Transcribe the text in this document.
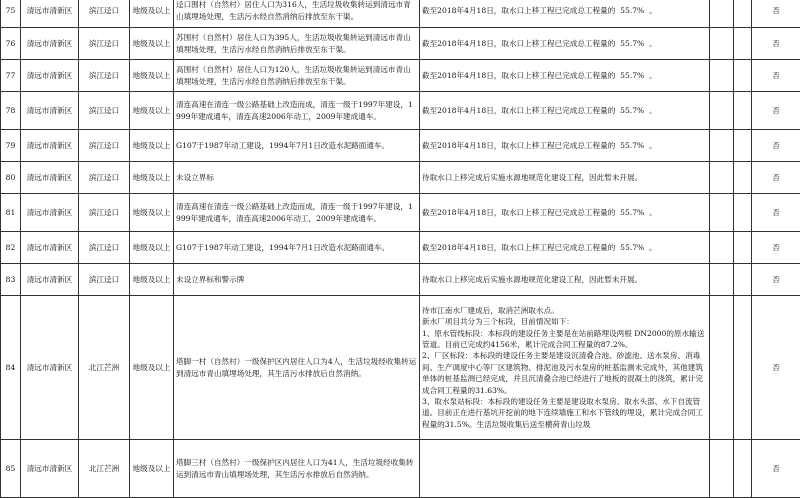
75	清远市清新区	滨江迳口	地级及以上	迳口围村（自然村）居住人口为316人，生活垃圾收集转运到清远市青山填埋场处理，生活污水经自然消纳后排放至东干渠。	截至2018年4月18日，取水口上移工程已完成总工程量的  55.7%  。			否
76	清远市清新区	滨江迳口	地级及以上	苏围村（自然村）居住人口为395人，生活垃圾收集转运到清远市青山填埋场处理，生活污水经自然消纳后排放至东干渠。	截至2018年4月18日，取水口上移工程已完成总工程量的  55.7%  。			否
77	清远市清新区	滨江迳口	地级及以上	高围村（自然村）居住人口为120人，生活垃圾收集转运到清远市青山填埋场处理，生活污水经自然消纳后排放至东干渠。	截至2018年4月18日，取水口上移工程已完成总工程量的  55.7%  。			否
78	清远市清新区	滨江迳口	地级及以上	清连高速在清连一级公路基础上改造而成，清连一级于1997年建设，1999年建成通车，清连高速2006年动工，2009年建成通车。	截至2018年4月18日，取水口上移工程已完成总工程量的  55.7%  。			否
79	清远市清新区	滨江迳口	地级及以上	G107于1987年动工建设，1994年7月1日改造水泥路面通车。	截至2018年4月18日，取水口上移工程已完成总工程量的  55.7%  。			否
80	清远市清新区	滨江迳口	地级及以上	未设立界标	待取水口上移完成后实施水源地规范化建设工程，因此暂未开展。			否
81	清远市清新区	滨江迳口	地级及以上	清连高速在清连一级公路基础上改造而成，清连一级于1997年建设，1999年建成通车，清连高速2006年动工，2009年建成通车。	截至2018年4月18日，取水口上移工程已完成总工程量的  55.7%  。			否
82	清远市清新区	滨江迳口	地级及以上	G107于1987年动工建设，1994年7月1日改造水泥路面通车。	截至2018年4月18日，取水口上移工程已完成总工程量的  55.7%  。			否
83	清远市清新区	滨江迳口	地级及以上	未设立界标和警示牌	待取水口上移完成后实施水源地规范化建设工程，因此暂未开展。			否
84	清远市清新区	北江芒洲	地级及以上	塔脚一村（自然村）一级保护区内居住人口为4人，生活垃圾经收集转运到清远市青山填埋场处理，其生活污水排放后自然消纳。	待市江南水厂建成后，取消芒洲取水点。
新水厂项目共分为三个标段，目前情况如下：
1、原水管线标段：本标段的建设任务主要是在站前路埋设两根 DN2000的原水输送管道。目前已完成约4156米，累计完成合同工程量的87.2%。
2、厂区标段：本标段的建设任务主要是建设沉清叠合池、砂滤池、送水泵房、消毒间、生产调度中心等厂区建筑物、排泥池及污水泵房的桩基监测未完成外，其他建筑单体的桩基监测已经完成，并且沉清叠合池已经进行了地板的混凝土的浇筑，累计完成合同工程量的31.63%。
3、取水泵站标段：本标段的建设任务主要是建设取水泵房、取水头部、水下自流管道。目前正在进行基坑开挖前的地下连续墙施工和水下管线的埋设，累计完成合同工程量的31.5%。生活垃圾收集后送至横荷青山垃圾			否
85	清远市清新区	北江芒洲	地级及以上	塔脚三村（自然村）一级保护区内居住人口为41人，生活垃圾经收集转运到清远市青山填埋场处理，其生活污水排放后自然消纳。				否
